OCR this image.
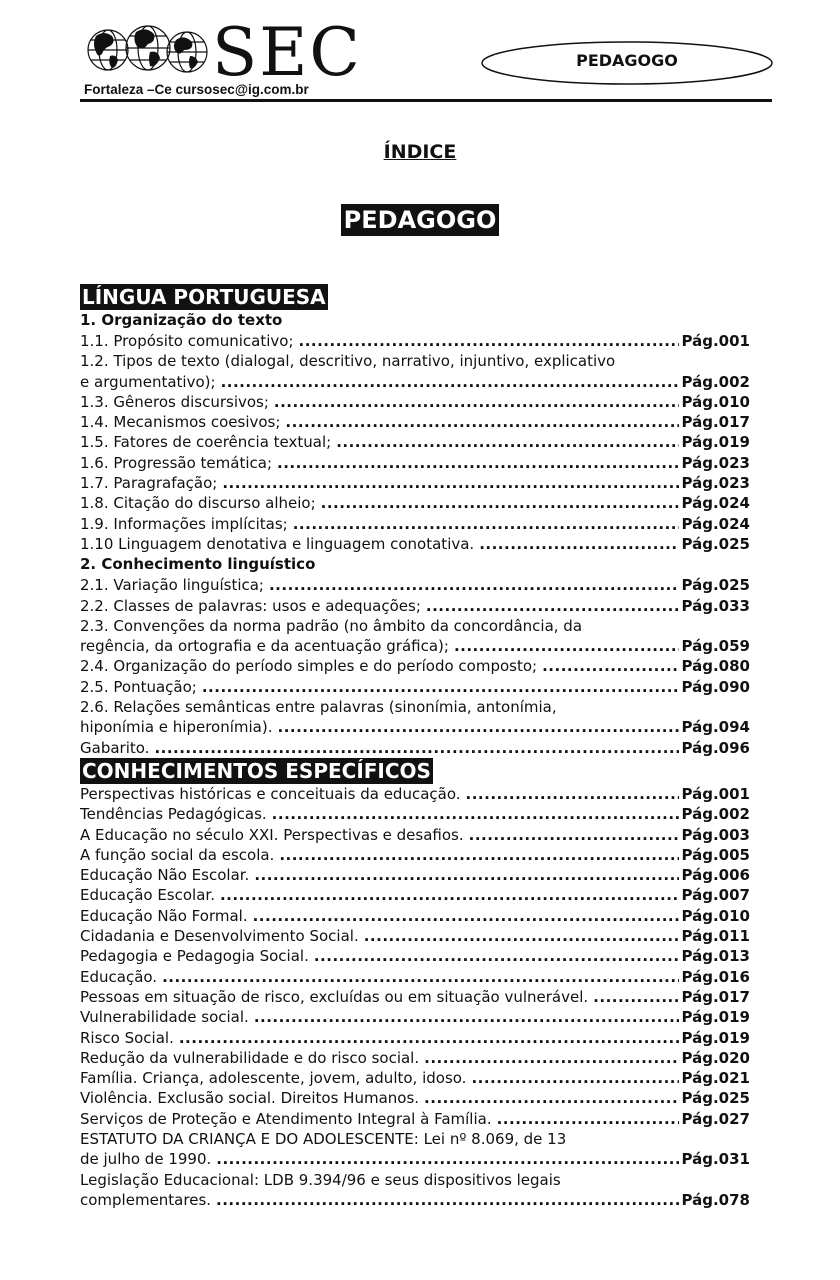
SEC
Fortaleza –Ce cursosec@ig.com.br
PEDAGOGO
ÍNDICE
PEDAGOGO
LÍNGUA PORTUGUESA
1. Organização do texto
1.1. Propósito comunicativo; .....	Pág.001
1.2. Tipos de texto (dialogal, descritivo, narrativo, injuntivo, explicativo
e argumentativo); .....	Pág.002
1.3. Gêneros discursivos; .....	Pág.010
1.4. Mecanismos coesivos; .....	Pág.017
1.5. Fatores de coerência textual; .....	Pág.019
1.6. Progressão temática; .....	Pág.023
1.7. Paragrafação; .....	Pág.023
1.8. Citação do discurso alheio; .....	Pág.024
1.9. Informações implícitas; .....	Pág.024
1.10 Linguagem denotativa e linguagem conotativa. .....	Pág.025
2. Conhecimento linguístico
2.1. Variação linguística; .....	Pág.025
2.2. Classes de palavras: usos e adequações; .....	Pág.033
2.3. Convenções da norma padrão (no âmbito da concordância, da
regência, da ortografia e da acentuação gráfica); .....	Pág.059
2.4. Organização do período simples e do período composto; .....	Pág.080
2.5. Pontuação; .....	Pág.090
2.6. Relações semânticas entre palavras (sinonímia, antonímia,
hiponímia e hiperonímia). .....	Pág.094
Gabarito. .....	Pág.096
CONHECIMENTOS ESPECÍFICOS
Perspectivas históricas e conceituais da educação. .....	Pág.001
Tendências Pedagógicas. .....	Pág.002
A Educação no século XXI. Perspectivas e desafios. .....	Pág.003
A função social da escola. .....	Pág.005
Educação Não Escolar. .....	Pág.006
Educação Escolar. .....	Pág.007
Educação Não Formal. .....	Pág.010
Cidadania e Desenvolvimento Social. .....	Pág.011
Pedagogia e Pedagogia Social. .....	Pág.013
Educação. .....	Pág.016
Pessoas em situação de risco, excluídas ou em situação vulnerável. .....	Pág.017
Vulnerabilidade social. .....	Pág.019
Risco Social. .....	Pág.019
Redução da vulnerabilidade e do risco social. .....	Pág.020
Família. Criança, adolescente, jovem, adulto, idoso. .....	Pág.021
Violência. Exclusão social. Direitos Humanos. .....	Pág.025
Serviços de Proteção e Atendimento Integral à Família. .....	Pág.027
ESTATUTO DA CRIANÇA E DO ADOLESCENTE: Lei nº 8.069, de 13
de julho de 1990. .....	Pág.031
Legislação Educacional: LDB 9.394/96 e seus dispositivos legais
complementares. .....	Pág.078
